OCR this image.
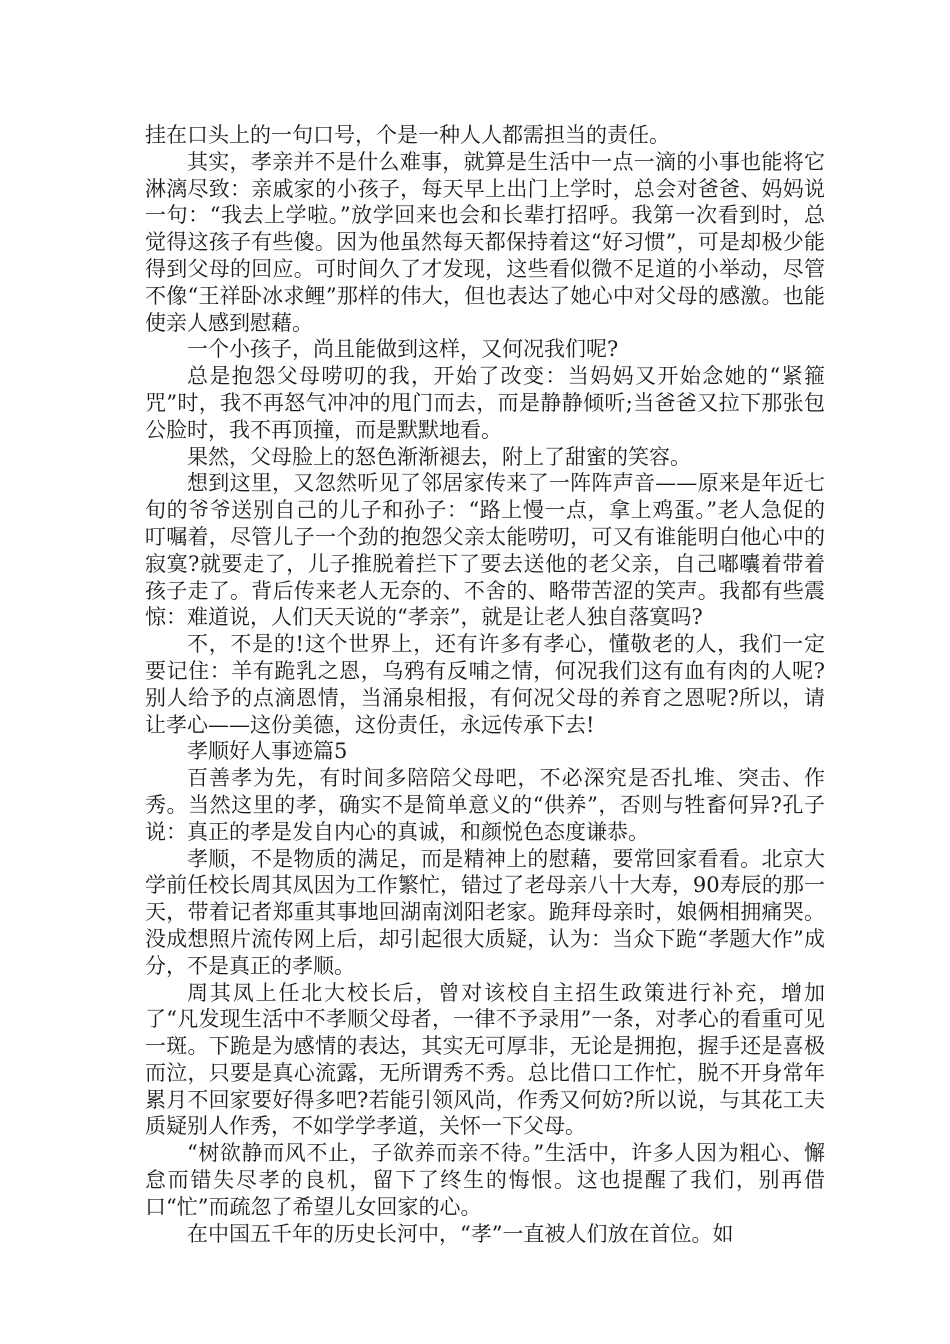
挂在口头上的一句口号，个是一种人人都需担当的责任。

其实，孝亲并不是什么难事，就算是生活中一点一滴的小事也能将它淋漓尽致：亲戚家的小孩子，每天早上出门上学时，总会对爸爸、妈妈说一句：“我去上学啦。”放学回来也会和长辈打招呼。我第一次看到时，总觉得这孩子有些傻。因为他虽然每天都保持着这“好习惯”，可是却极少能得到父母的回应。可时间久了才发现，这些看似微不足道的小举动，尽管不像“王祥卧冰求鲤”那样的伟大，但也表达了她心中对父母的感激。也能使亲人感到慰藉。

一个小孩子，尚且能做到这样，又何况我们呢?

总是抱怨父母唠叨的我，开始了改变：当妈妈又开始念她的“紧箍咒”时，我不再怒气冲冲的甩门而去，而是静静倾听;当爸爸又拉下那张包公脸时，我不再顶撞，而是默默地看。

果然，父母脸上的怒色渐渐褪去，附上了甜蜜的笑容。

想到这里，又忽然听见了邻居家传来了一阵阵声音——原来是年近七旬的爷爷送别自己的儿子和孙子：“路上慢一点，拿上鸡蛋。”老人急促的叮嘱着，尽管儿子一个劲的抱怨父亲太能唠叨，可又有谁能明白他心中的寂寞?就要走了，儿子推脱着拦下了要去送他的老父亲，自己嘟囔着带着孩子走了。背后传来老人无奈的、不舍的、略带苦涩的笑声。我都有些震惊：难道说，人们天天说的“孝亲”，就是让老人独自落寞吗?

不，不是的!这个世界上，还有许多有孝心，懂敬老的人，我们一定要记住：羊有跪乳之恩，乌鸦有反哺之情，何况我们这有血有肉的人呢?别人给予的点滴恩情，当涌泉相报，有何况父母的养育之恩呢?所以，请让孝心——这份美德，这份责任，永远传承下去!

孝顺好人事迹篇5

百善孝为先，有时间多陪陪父母吧，不必深究是否扎堆、突击、作秀。当然这里的孝，确实不是简单意义的“供养”，否则与牲畜何异?孔子说：真正的孝是发自内心的真诚，和颜悦色态度谦恭。

孝顺，不是物质的满足，而是精神上的慰藉，要常回家看看。北京大学前任校长周其凤因为工作繁忙，错过了老母亲八十大寿，90寿辰的那一天，带着记者郑重其事地回湖南浏阳老家。跪拜母亲时，娘俩相拥痛哭。没成想照片流传网上后，却引起很大质疑，认为：当众下跪“孝题大作”成分，不是真正的孝顺。

周其凤上任北大校长后，曾对该校自主招生政策进行补充，增加了“凡发现生活中不孝顺父母者，一律不予录用”一条，对孝心的看重可见一斑。下跪是为感情的表达，其实无可厚非，无论是拥抱，握手还是喜极而泣，只要是真心流露，无所谓秀不秀。总比借口工作忙，脱不开身常年累月不回家要好得多吧?若能引领风尚，作秀又何妨?所以说，与其花工夫质疑别人作秀，不如学学孝道，关怀一下父母。

“树欲静而风不止，子欲养而亲不待。”生活中，许多人因为粗心、懈怠而错失尽孝的良机，留下了终生的悔恨。这也提醒了我们，别再借口“忙”而疏忽了希望儿女回家的心。

在中国五千年的历史长河中，“孝”一直被人们放在首位。如
